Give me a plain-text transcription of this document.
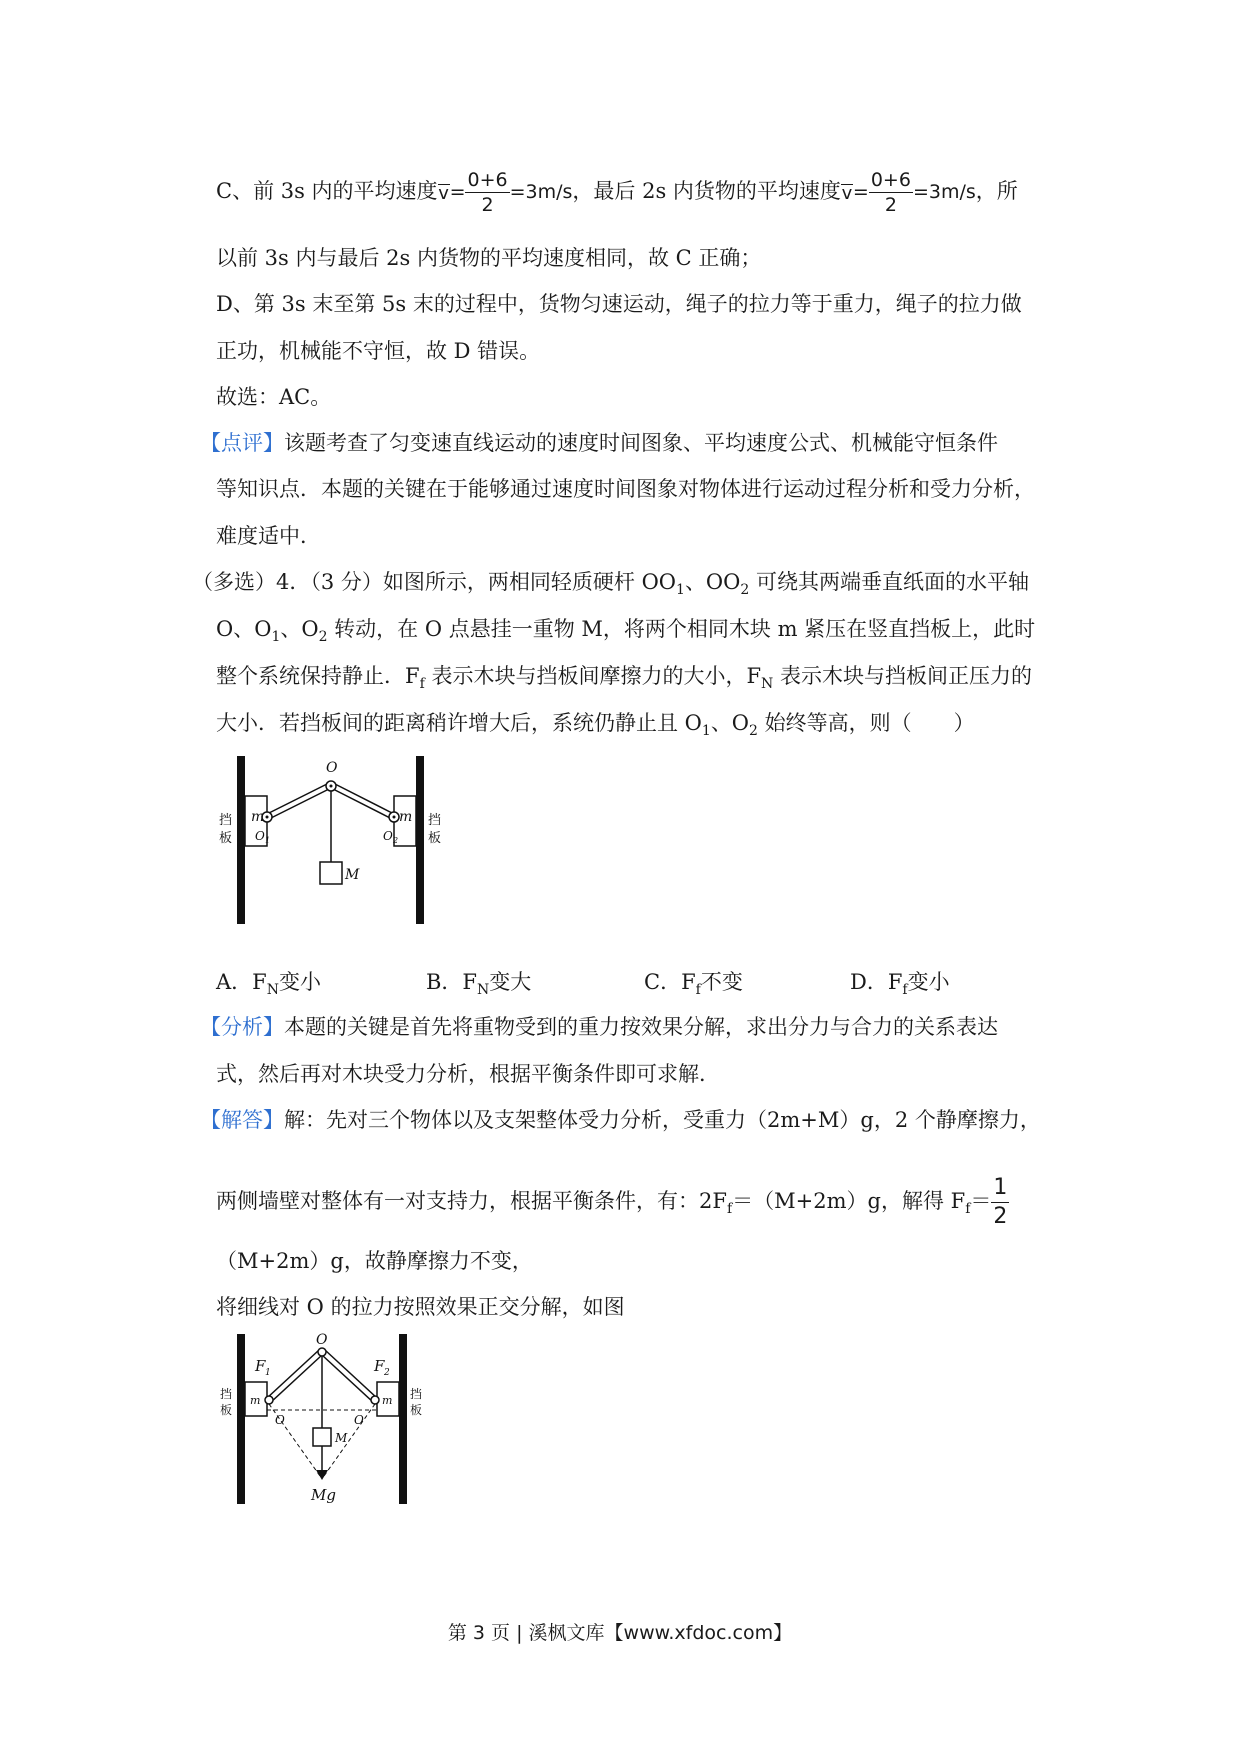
C、前 3s 内的平均速度
$v= \frac{0+6}{2} =3m/s$，最后 2s 内货物的平均速度
$v= \frac{0+6}{2} =3m/s$，所
以前 3s 内与最后 2s 内货物的平均速度相同，故 C 正确；
D、第 3s 末至第 5s 末的过程中，货物匀速运动，绳子的拉力等于重力，绳子的拉力做
正功，机械能不守恒，故 D 错误。
故选：AC。
【点评】该题考查了匀变速直线运动的速度时间图象、平均速度公式、机械能守恒条件
等知识点．本题的关键在于能够通过速度时间图象对物体进行运动过程分析和受力分析，
难度适中．
（多选）4．（3 分）如图所示，两相同轻质硬杆 $OO_1$、$OO_2$ 可绕其两端垂直纸面的水平轴
O、$O_1$、$O_2$ 转动，在 O 点悬挂一重物 M，将两个相同木块 m 紧压在竖直挡板上，此时
整个系统保持静止．$F_f$ 表示木块与挡板间摩擦力的大小，$F_N$ 表示木块与挡板间正压力的
大小．若挡板间的距离稍许增大后，系统仍静止且 $O_1$、$O_2$ 始终等高，则（　　）
O
m	m
M
O 1	O 2
挡
板
挡
板
A．$F_N$变小	B．$F_N$变大	C．$F_f$不变	D．$F_f$变小
【分析】本题的关键是首先将重物受到的重力按效果分解，求出分力与合力的关系表达
式，然后再对木块受力分析，根据平衡条件即可求解．
【解答】解：先对三个物体以及支架整体受力分析，受重力（2m+M）g，2 个静摩擦力，
两侧墙壁对整体有一对支持力，根据平衡条件，有：$2F_f=(M+2m)g$，解得 $F_f= \frac{1}{2}$
（M+2m）g，故静摩擦力不变，
将细线对 O 的拉力按照效果正交分解，如图
O
F 1	F 2
m	m
M
Mg
O	O
挡
板
挡
板
第 3 页 | 溪枫文库【www.xfdoc.com】
